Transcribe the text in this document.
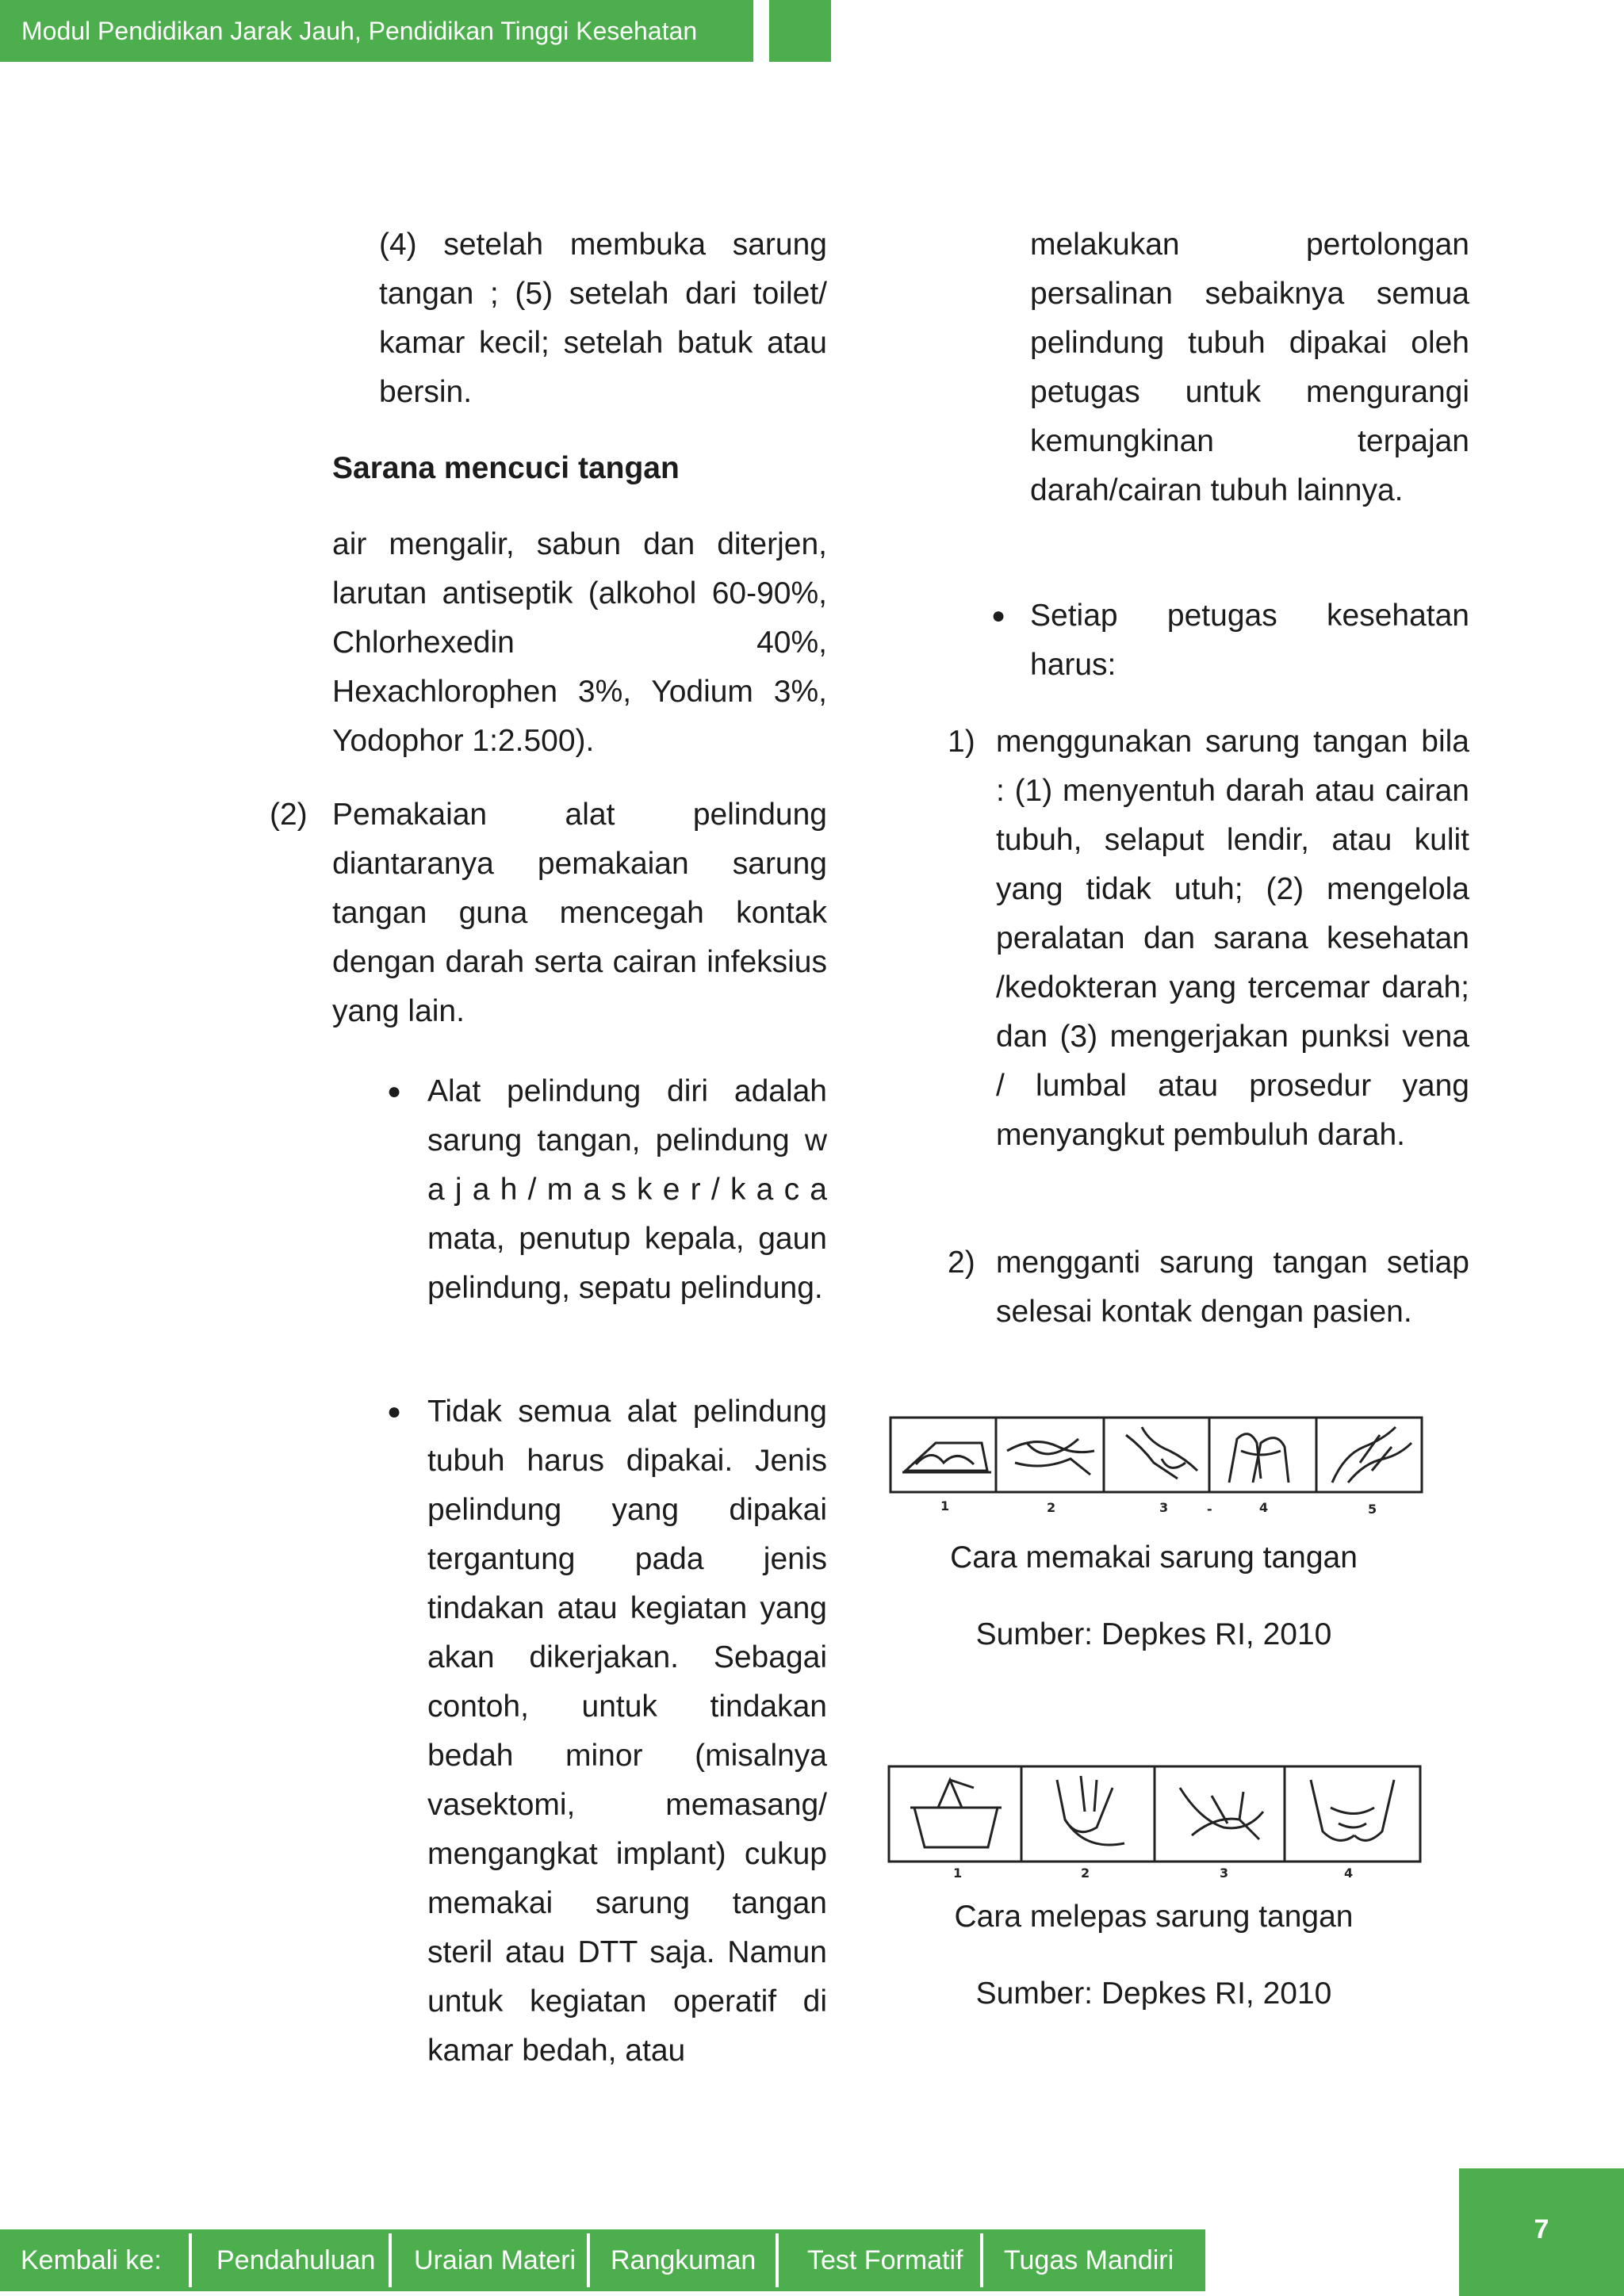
Modul Pendidikan Jarak Jauh, Pendidikan Tinggi Kesehatan

(4) setelah membuka sarung tangan ; (5) setelah dari toilet/ kamar kecil; setelah batuk atau bersin.

Sarana mencuci tangan

air mengalir, sabun dan diterjen, larutan antiseptik (alkohol 60-90%, Chlorhexedin 40%, Hexachlorophen 3%, Yodium 3%, Yodophor 1:2.500).

(2) Pemakaian alat pelindung diantaranya pemakaian sarung tangan guna mencegah kontak dengan darah serta cairan infeksius yang lain.

● Alat pelindung diri adalah sarung tangan, pelindung w a j a h / m a s k e r / k a c a mata, penutup kepala, gaun pelindung, sepatu pelindung.

● Tidak semua alat pelindung tubuh harus dipakai. Jenis pelindung yang dipakai tergantung pada jenis tindakan atau kegiatan yang akan dikerjakan. Sebagai contoh, untuk tindakan bedah minor (misalnya vasektomi, memasang/ mengangkat implant) cukup memakai sarung tangan steril atau DTT saja. Namun untuk kegiatan operatif di kamar bedah, atau

melakukan pertolongan persalinan sebaiknya semua pelindung tubuh dipakai oleh petugas untuk mengurangi kemungkinan terpajan darah/cairan tubuh lainnya.

● Setiap petugas kesehatan harus:

1) menggunakan sarung tangan bila : (1) menyentuh darah atau cairan tubuh, selaput lendir, atau kulit yang tidak utuh; (2) mengelola peralatan dan sarana kesehatan /kedokteran yang tercemar darah; dan (3) mengerjakan punksi vena / lumbal atau prosedur yang menyangkut pembuluh darah.

2) mengganti sarung tangan setiap selesai kontak dengan pasien.

1	2	3	-	4	5
Cara memakai sarung tangan
Sumber: Depkes RI, 2010
1	2	3	4
Cara melepas sarung tangan
Sumber: Depkes RI, 2010
Kembali ke: Pendahuluan Uraian Materi Rangkuman Test Formatif Tugas Mandiri
7
